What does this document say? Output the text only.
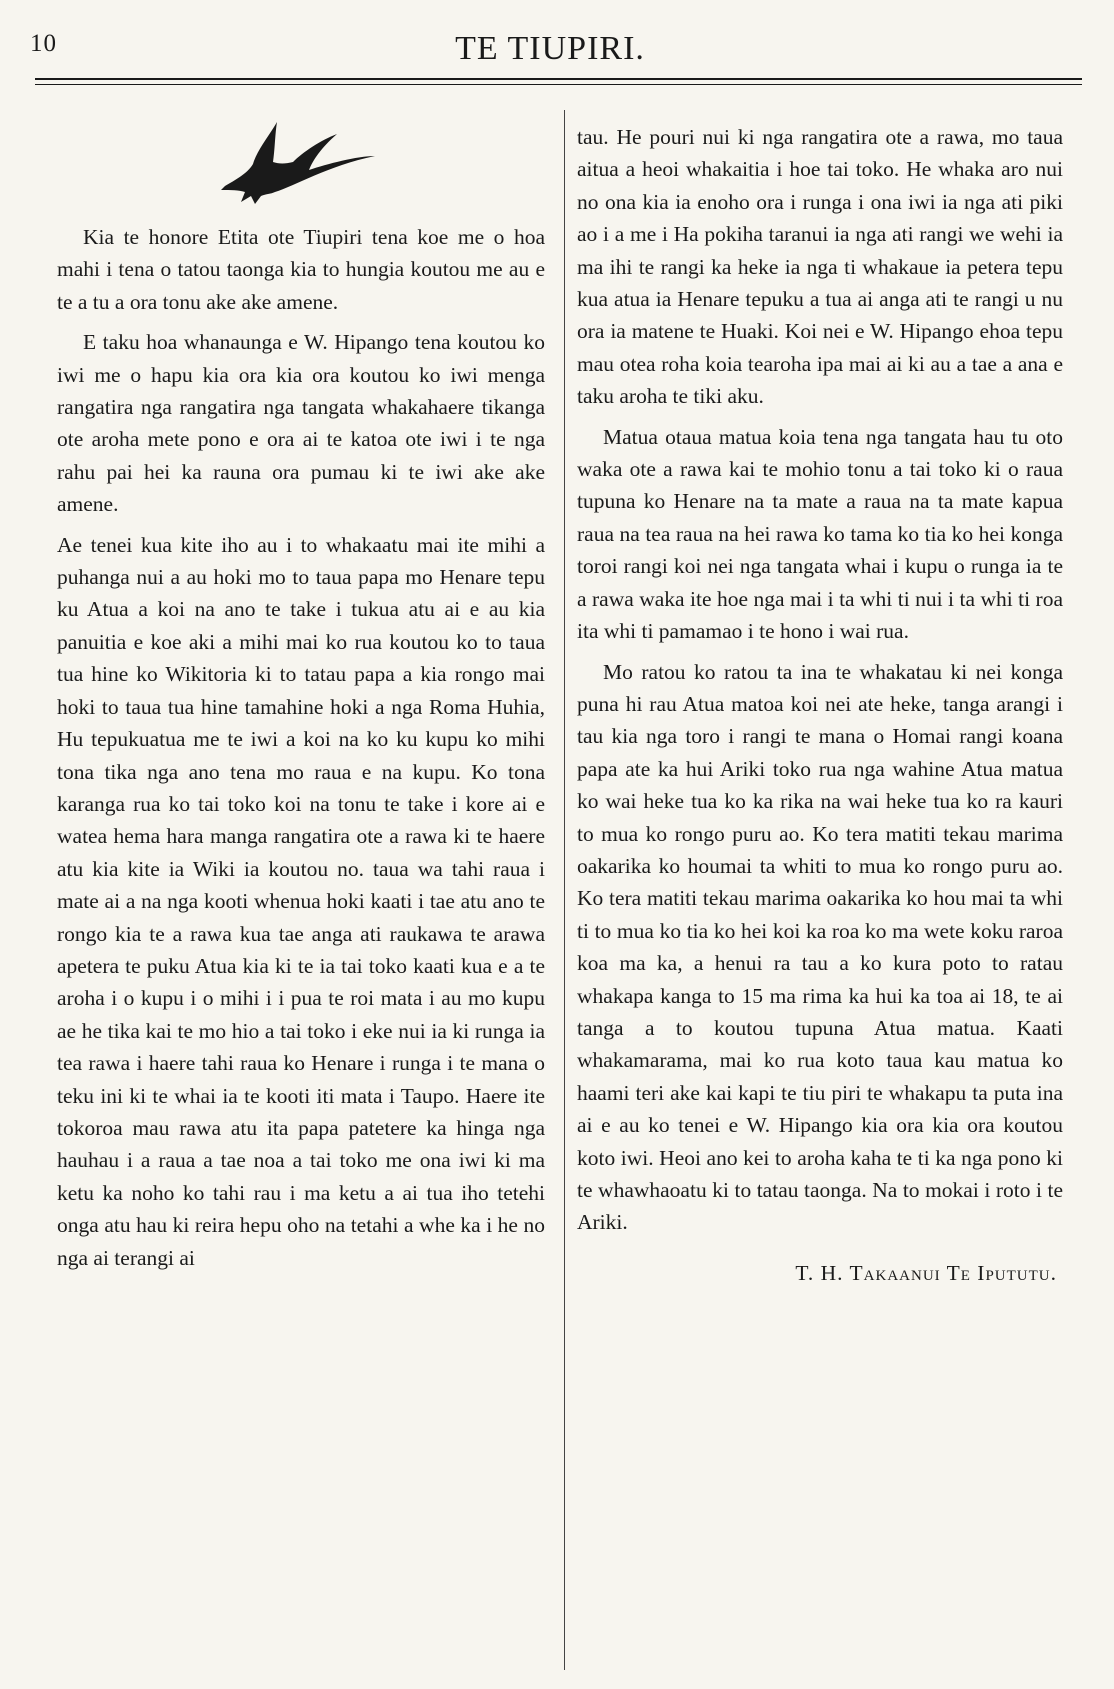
10	TE TIUPIRI.

Kia te honore Etita ote Tiupiri tena koe me o hoa mahi i tena o tatou taonga kia to hungia koutou me au e te a tu a ora tonu ake ake amene.

E taku hoa whanaunga e W. Hipango tena koutou ko iwi me o hapu kia ora kia ora koutou ko iwi menga rangatira nga rangatira nga tangata whakahaere tikanga ote aroha mete pono e ora ai te katoa ote iwi i te nga rahu pai hei ka rauna ora pumau ki te iwi ake ake amene.

Ae tenei kua kite iho au i to whakaatu mai ite mihi a puhanga nui a au hoki mo to taua papa mo Henare tepu ku Atua a koi na ano te take i tukua atu ai e au kia panuitia e koe aki a mihi mai ko rua koutou ko to taua tua hine ko Wikitoria ki to tatau papa a kia rongo mai hoki to taua tua hine tamahine hoki a nga Roma Huhia, Hu tepukuatua me te iwi a koi na ko ku kupu ko mihi tona tika nga ano tena mo raua e na kupu. Ko tona karanga rua ko tai toko koi na tonu te take i kore ai e watea hema hara manga rangatira ote a rawa ki te haere atu kia kite ia Wiki ia koutou no. taua wa tahi raua i mate ai a na nga kooti whenua hoki kaati i tae atu ano te rongo kia te a rawa kua tae anga ati raukawa te arawa apetera te puku Atua kia ki te ia tai toko kaati kua e a te aroha i o kupu i o mihi i i pua te roi mata i au mo kupu ae he tika kai te mo hio a tai toko i eke nui ia ki runga ia tea rawa i haere tahi raua ko Henare i runga i te mana o teku ini ki te whai ia te kooti iti mata i Taupo. Haere ite tokoroa mau rawa atu ita papa patetere ka hinga nga hauhau i a raua a tae noa a tai toko me ona iwi ki ma ketu ka noho ko tahi rau i ma ketu a ai tua iho tetehi onga atu hau ki reira hepu oho na tetahi a whe ka i he no nga ai terangi ai

tau. He pouri nui ki nga rangatira ote a rawa, mo taua aitua a heoi whakaitia i hoe tai toko. He whaka aro nui no ona kia ia enoho ora i runga i ona iwi ia nga ati piki ao i a me i Ha pokiha taranui ia nga ati rangi we wehi ia ma ihi te rangi ka heke ia nga ti whakaue ia petera tepu kua atua ia Henare tepuku a tua ai anga ati te rangi u nu ora ia matene te Huaki. Koi nei e W. Hipango ehoa tepu mau otea roha koia tearoha ipa mai ai ki au a tae a ana e taku aroha te tiki aku.

Matua otaua matua koia tena nga tangata hau tu oto waka ote a rawa kai te mohio tonu a tai toko ki o raua tupuna ko Henare na ta mate a raua na ta mate kapua raua na tea raua na hei rawa ko tama ko tia ko hei konga toroi rangi koi nei nga tangata whai i kupu o runga ia te a rawa waka ite hoe nga mai i ta whi ti nui i ta whi ti roa ita whi ti pamamao i te hono i wai rua.

Mo ratou ko ratou ta ina te whakatau ki nei konga puna hi rau Atua matoa koi nei ate heke, tanga arangi i tau kia nga toro i rangi te mana o Homai rangi koana papa ate ka hui Ariki toko rua nga wahine Atua matua ko wai heke tua ko ka rika na wai heke tua ko ra kauri to mua ko rongo puru ao. Ko tera matiti tekau marima oakarika ko houmai ta whiti to mua ko rongo puru ao. Ko tera matiti tekau marima oakarika ko hou mai ta whi ti to mua ko tia ko hei koi ka roa ko ma wete koku raroa koa ma ka, a henui ra tau a ko kura poto to ratau whakapa kanga to 15 ma rima ka hui ka toa ai 18, te ai tanga a to koutou tupuna Atua matua. Kaati whakamarama, mai ko rua koto taua kau matua ko haami teri ake kai kapi te tiu piri te whakapu ta puta ina ai e au ko tenei e W. Hipango kia ora kia ora koutou koto iwi. Heoi ano kei to aroha kaha te ti ka nga pono ki te whawhaoatu ki to tatau taonga. Na to mokai i roto i te Ariki.

T. H. Takaanui Te Ipututu.
